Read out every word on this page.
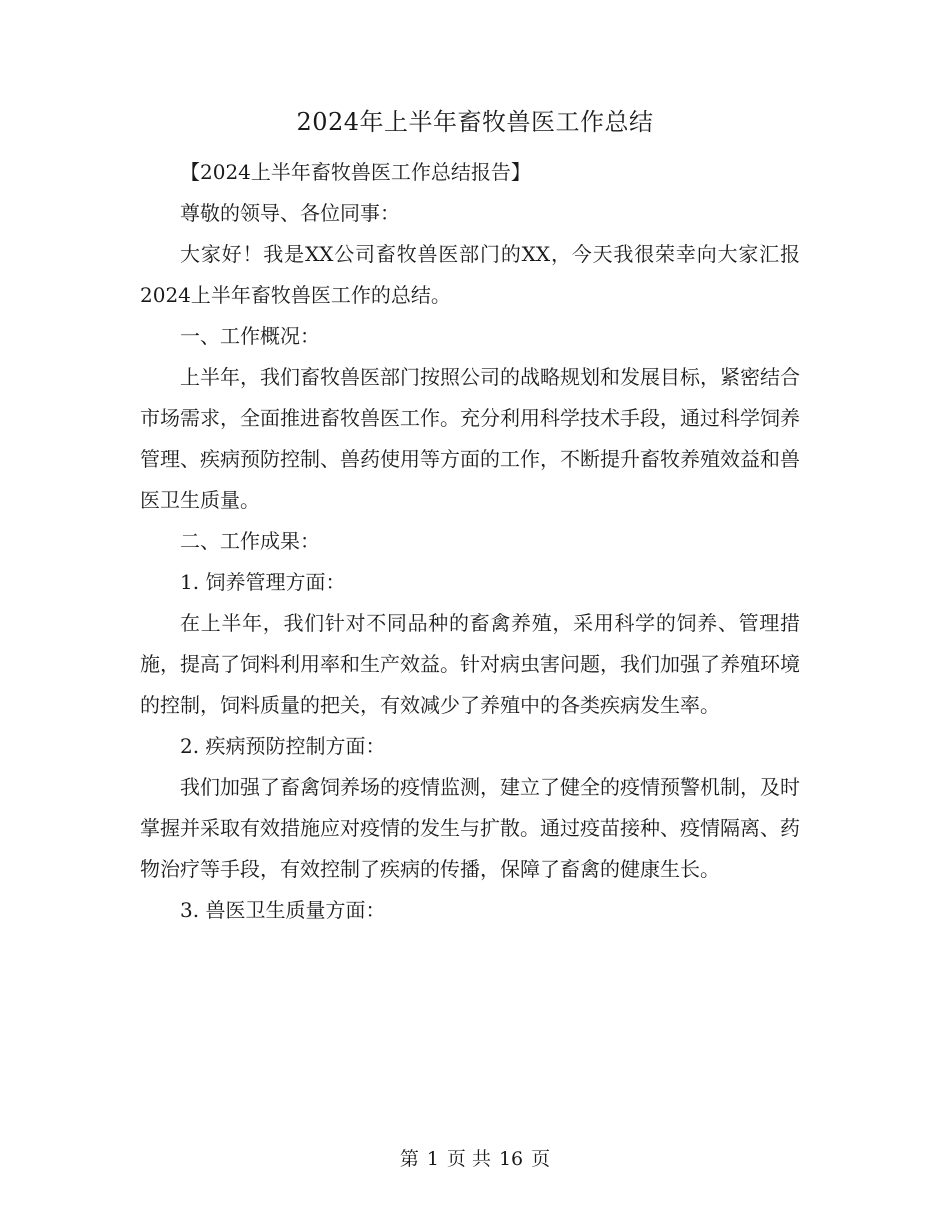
2024年上半年畜牧兽医工作总结

【2024上半年畜牧兽医工作总结报告】

尊敬的领导、各位同事：

大家好！我是XX公司畜牧兽医部门的XX，今天我很荣幸向大家汇报2024上半年畜牧兽医工作的总结。

一、工作概况：

上半年，我们畜牧兽医部门按照公司的战略规划和发展目标，紧密结合市场需求，全面推进畜牧兽医工作。充分利用科学技术手段，通过科学饲养管理、疾病预防控制、兽药使用等方面的工作，不断提升畜牧养殖效益和兽医卫生质量。

二、工作成果：

1. 饲养管理方面：

在上半年，我们针对不同品种的畜禽养殖，采用科学的饲养、管理措施，提高了饲料利用率和生产效益。针对病虫害问题，我们加强了养殖环境的控制，饲料质量的把关，有效减少了养殖中的各类疾病发生率。

2. 疾病预防控制方面：

我们加强了畜禽饲养场的疫情监测，建立了健全的疫情预警机制，及时掌握并采取有效措施应对疫情的发生与扩散。通过疫苗接种、疫情隔离、药物治疗等手段，有效控制了疾病的传播，保障了畜禽的健康生长。

3. 兽医卫生质量方面：

第 1 页 共 16 页
